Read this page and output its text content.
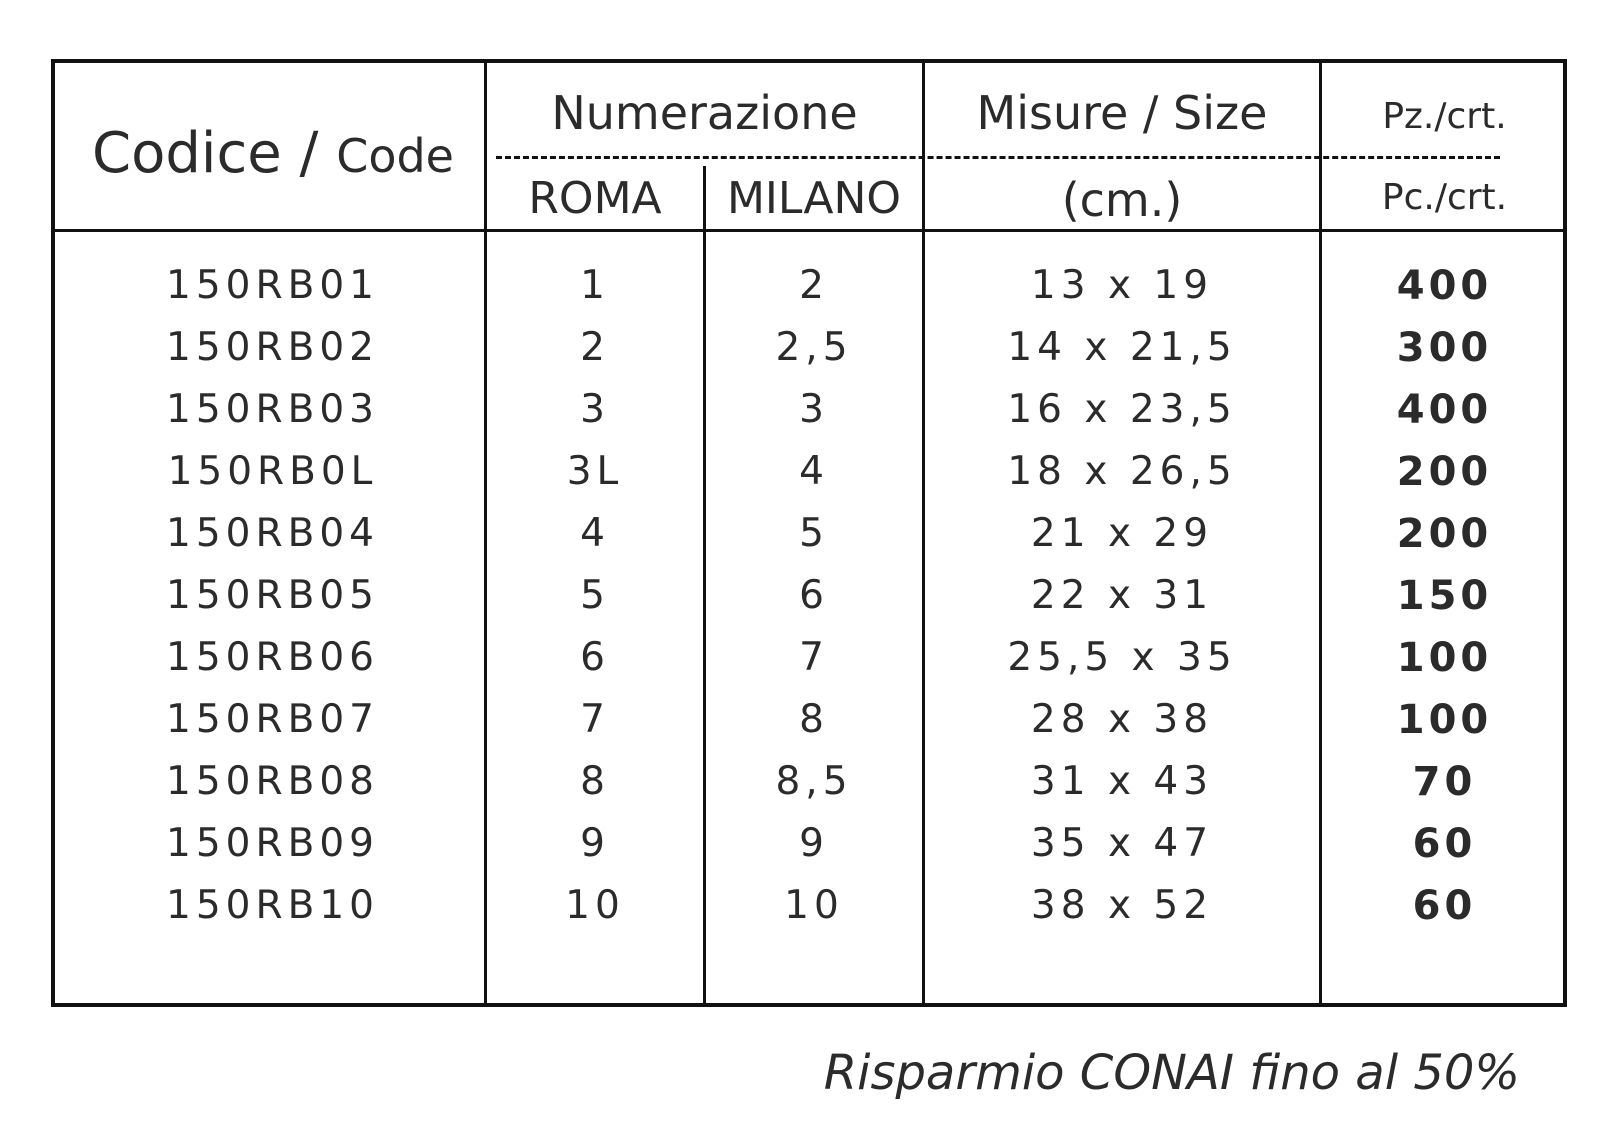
Codice / Code
Numerazione
ROMA	MILANO
Misure / Size
(cm.)
Pz./crt.
Pc./crt.
150RB01	1	2	13 x 19	400
150RB02	2	2,5	14 x 21,5	300
150RB03	3	3	16 x 23,5	400
150RB0L	3L	4	18 x 26,5	200
150RB04	4	5	21 x 29	200
150RB05	5	6	22 x 31	150
150RB06	6	7	25,5 x 35	100
150RB07	7	8	28 x 38	100
150RB08	8	8,5	31 x 43	70
150RB09	9	9	35 x 47	60
150RB10	10	10	38 x 52	60
Risparmio CONAI fino al 50%
